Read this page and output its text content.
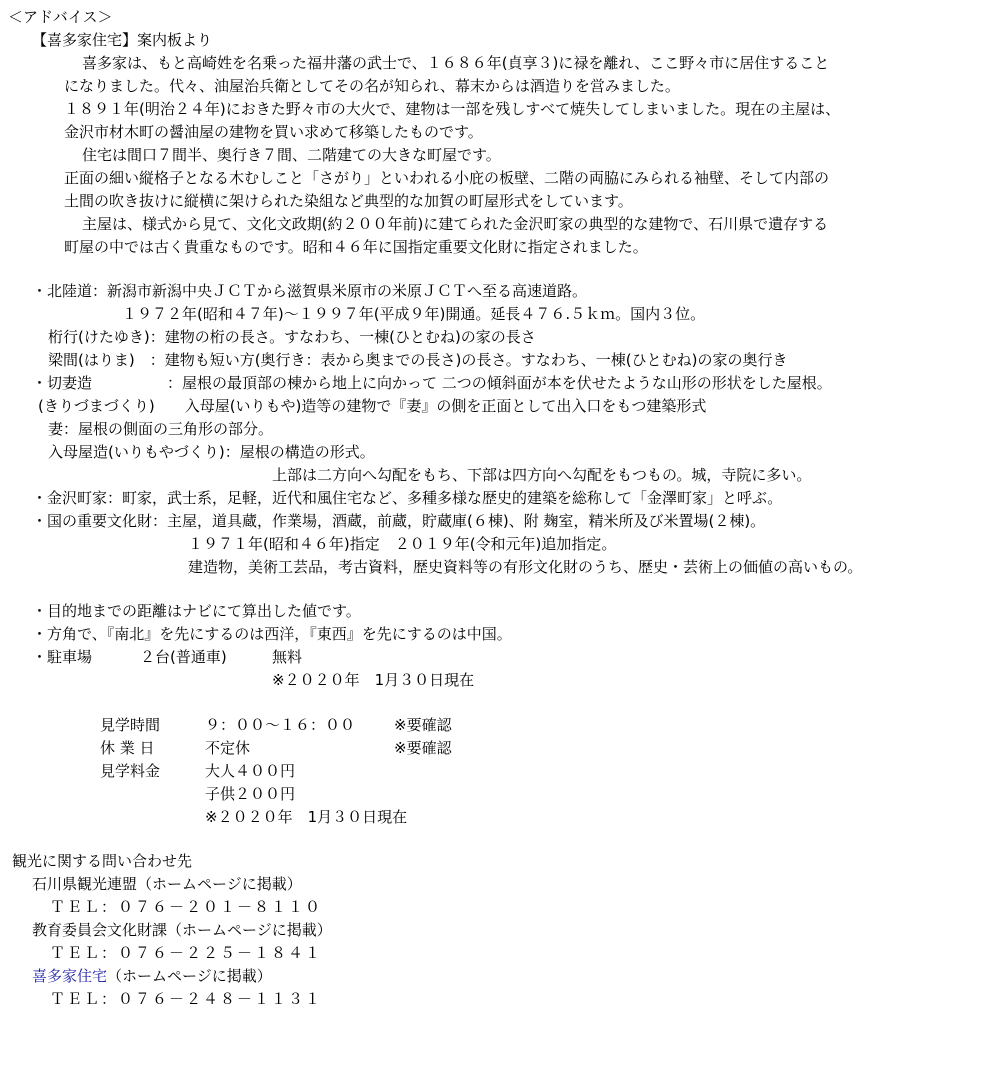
＜アドバイス＞
【喜多家住宅】案内板より
喜多家は、もと高崎姓を名乗った福井藩の武士で、１６８６年(貞享３)に禄を離れ、ここ野々市に居住すること
になりました。代々、油屋治兵衛としてその名が知られ、幕末からは酒造りを営みました。
１８９１年(明治２４年)におきた野々市の大火で、建物は一部を残しすべて焼失してしまいました。現在の主屋は、
金沢市材木町の醤油屋の建物を買い求めて移築したものです。
住宅は間口７間半、奥行き７間、二階建ての大きな町屋です。
正面の細い縦格子となる木むしこと「さがり」といわれる小庇の板壁、二階の両脇にみられる袖壁、そして内部の
土間の吹き抜けに縦横に架けられた染組など典型的な加賀の町屋形式をしています。
主屋は、様式から見て、文化文政期(約２００年前)に建てられた金沢町家の典型的な建物で、石川県で遺存する
町屋の中では古く貴重なものです。昭和４６年に国指定重要文化財に指定されました。
・北陸道：新潟市新潟中央ＪＣＴから滋賀県米原市の米原ＪＣＴへ至る高速道路。
１９７２年(昭和４７年)～１９９７年(平成９年)開通。延長４７６.５ｋｍ。国内３位。
桁行(けたゆき)：建物の桁の長さ。すなわち、一棟(ひとむね)の家の長さ
梁間(はりま)　：建物も短い方(奥行き：表から奥までの長さ)の長さ。すなわち、一棟(ひとむね)の家の奥行き
・切妻造　　　　　：屋根の最頂部の棟から地上に向かって 二つの傾斜面が本を伏せたような山形の形状をした屋根。
(きりづまづくり)　　入母屋(いりもや)造等の建物で『妻』の側を正面として出入口をもつ建築形式
妻：屋根の側面の三角形の部分。
入母屋造(いりもやづくり)：屋根の構造の形式。
上部は二方向へ勾配をもち、下部は四方向へ勾配をもつもの。城，寺院に多い。
・金沢町家：町家，武士系，足軽，近代和風住宅など、多種多様な歴史的建築を総称して「金澤町家」と呼ぶ。
・国の重要文化財：主屋，道具蔵，作業場，酒蔵，前蔵，貯蔵庫(６棟)、附 麹室，精米所及び米置場(２棟)。
１９７１年(昭和４６年)指定　２０１９年(令和元年)追加指定。
建造物，美術工芸品，考古資料，歴史資料等の有形文化財のうち、歴史・芸術上の価値の高いもの。
・目的地までの距離はナビにて算出した値です。
・方角で、『南北』を先にするのは西洋，『東西』を先にするのは中国。
・駐車場	２台(普通車)	無料
※２０２０年　1月３０日現在
見学時間	９：００～１６：００	※要確認
休 業 日	不定休	※要確認
見学料金	大人４００円
子供２００円
※２０２０年　1月３０日現在
観光に関する問い合わせ先
石川県観光連盟（ホームページに掲載）
ＴＥＬ：０７６－２０１－８１１０
教育委員会文化財課（ホームページに掲載）
ＴＥＬ：０７６－２２５－１８４１
喜多家住宅（ホームページに掲載）
ＴＥＬ：０７６－２４８－１１３１
